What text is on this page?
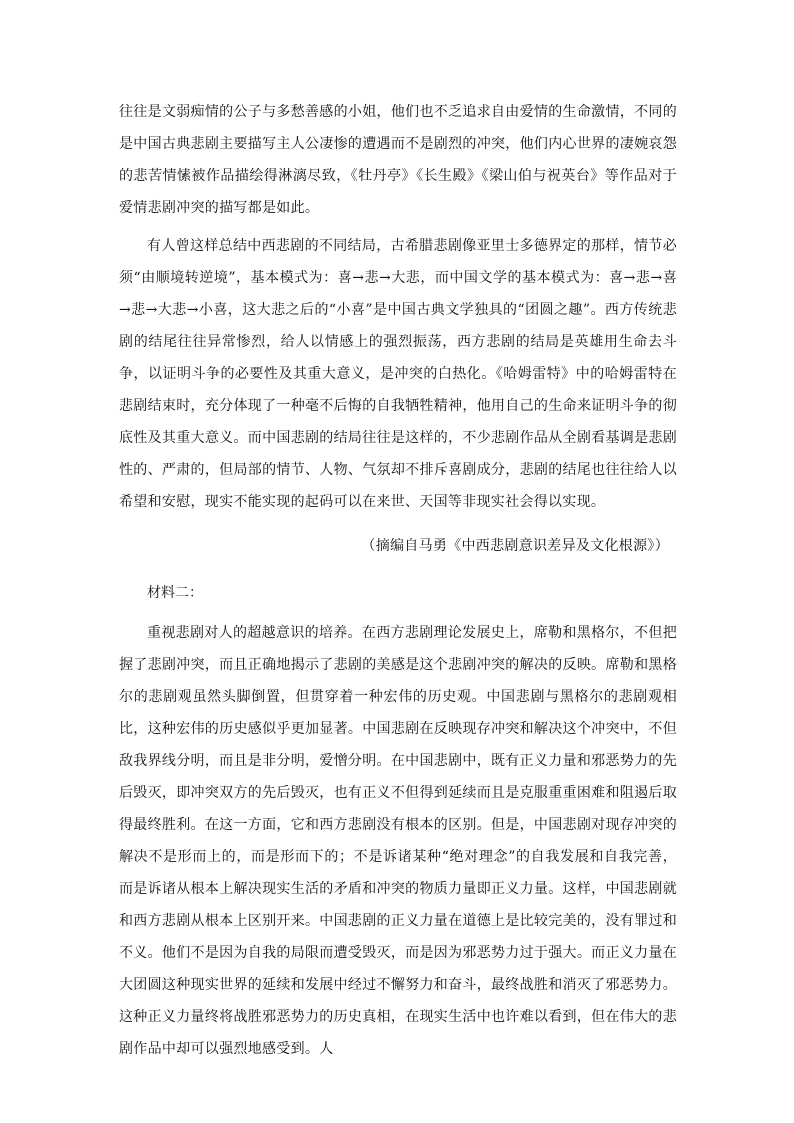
往往是文弱痴情的公子与多愁善感的小姐，他们也不乏追求自由爱情的生命激情，不同的是中国古典悲剧主要描写主人公凄惨的遭遇而不是剧烈的冲突，他们内心世界的凄婉哀怨的悲苦情愫被作品描绘得淋漓尽致，《牡丹亭》《长生殿》《梁山伯与祝英台》等作品对于爱情悲剧冲突的描写都是如此。

有人曾这样总结中西悲剧的不同结局，古希腊悲剧像亚里士多德界定的那样，情节必须“由顺境转逆境”，基本模式为：喜→悲→大悲，而中国文学的基本模式为：喜→悲→喜→悲→大悲→小喜，这大悲之后的“小喜”是中国古典文学独具的“团圆之趣”。西方传统悲剧的结尾往往异常惨烈，给人以情感上的强烈振荡，西方悲剧的结局是英雄用生命去斗争，以证明斗争的必要性及其重大意义，是冲突的白热化。《哈姆雷特》中的哈姆雷特在悲剧结束时，充分体现了一种毫不后悔的自我牺牲精神，他用自己的生命来证明斗争的彻底性及其重大意义。而中国悲剧的结局往往是这样的，不少悲剧作品从全剧看基调是悲剧性的、严肃的，但局部的情节、人物、气氛却不排斥喜剧成分，悲剧的结尾也往往给人以希望和安慰，现实不能实现的起码可以在来世、天国等非现实社会得以实现。

（摘编自马勇《中西悲剧意识差异及文化根源》）

材料二：

重视悲剧对人的超越意识的培养。在西方悲剧理论发展史上，席勒和黑格尔，不但把握了悲剧冲突，而且正确地揭示了悲剧的美感是这个悲剧冲突的解决的反映。席勒和黑格尔的悲剧观虽然头脚倒置，但贯穿着一种宏伟的历史观。中国悲剧与黑格尔的悲剧观相比，这种宏伟的历史感似乎更加显著。中国悲剧在反映现存冲突和解决这个冲突中，不但敌我界线分明，而且是非分明，爱憎分明。在中国悲剧中，既有正义力量和邪恶势力的先后毁灭，即冲突双方的先后毁灭，也有正义不但得到延续而且是克服重重困难和阻遏后取得最终胜利。在这一方面，它和西方悲剧没有根本的区别。但是，中国悲剧对现存冲突的解决不是形而上的，而是形而下的；不是诉诸某种“绝对理念”的自我发展和自我完善，而是诉诸从根本上解决现实生活的矛盾和冲突的物质力量即正义力量。这样，中国悲剧就和西方悲剧从根本上区别开来。中国悲剧的正义力量在道德上是比较完美的，没有罪过和不义。他们不是因为自我的局限而遭受毁灭，而是因为邪恶势力过于强大。而正义力量在大团圆这种现实世界的延续和发展中经过不懈努力和奋斗，最终战胜和消灭了邪恶势力。这种正义力量终将战胜邪恶势力的历史真相，在现实生活中也许难以看到，但在伟大的悲剧作品中却可以强烈地感受到。人
